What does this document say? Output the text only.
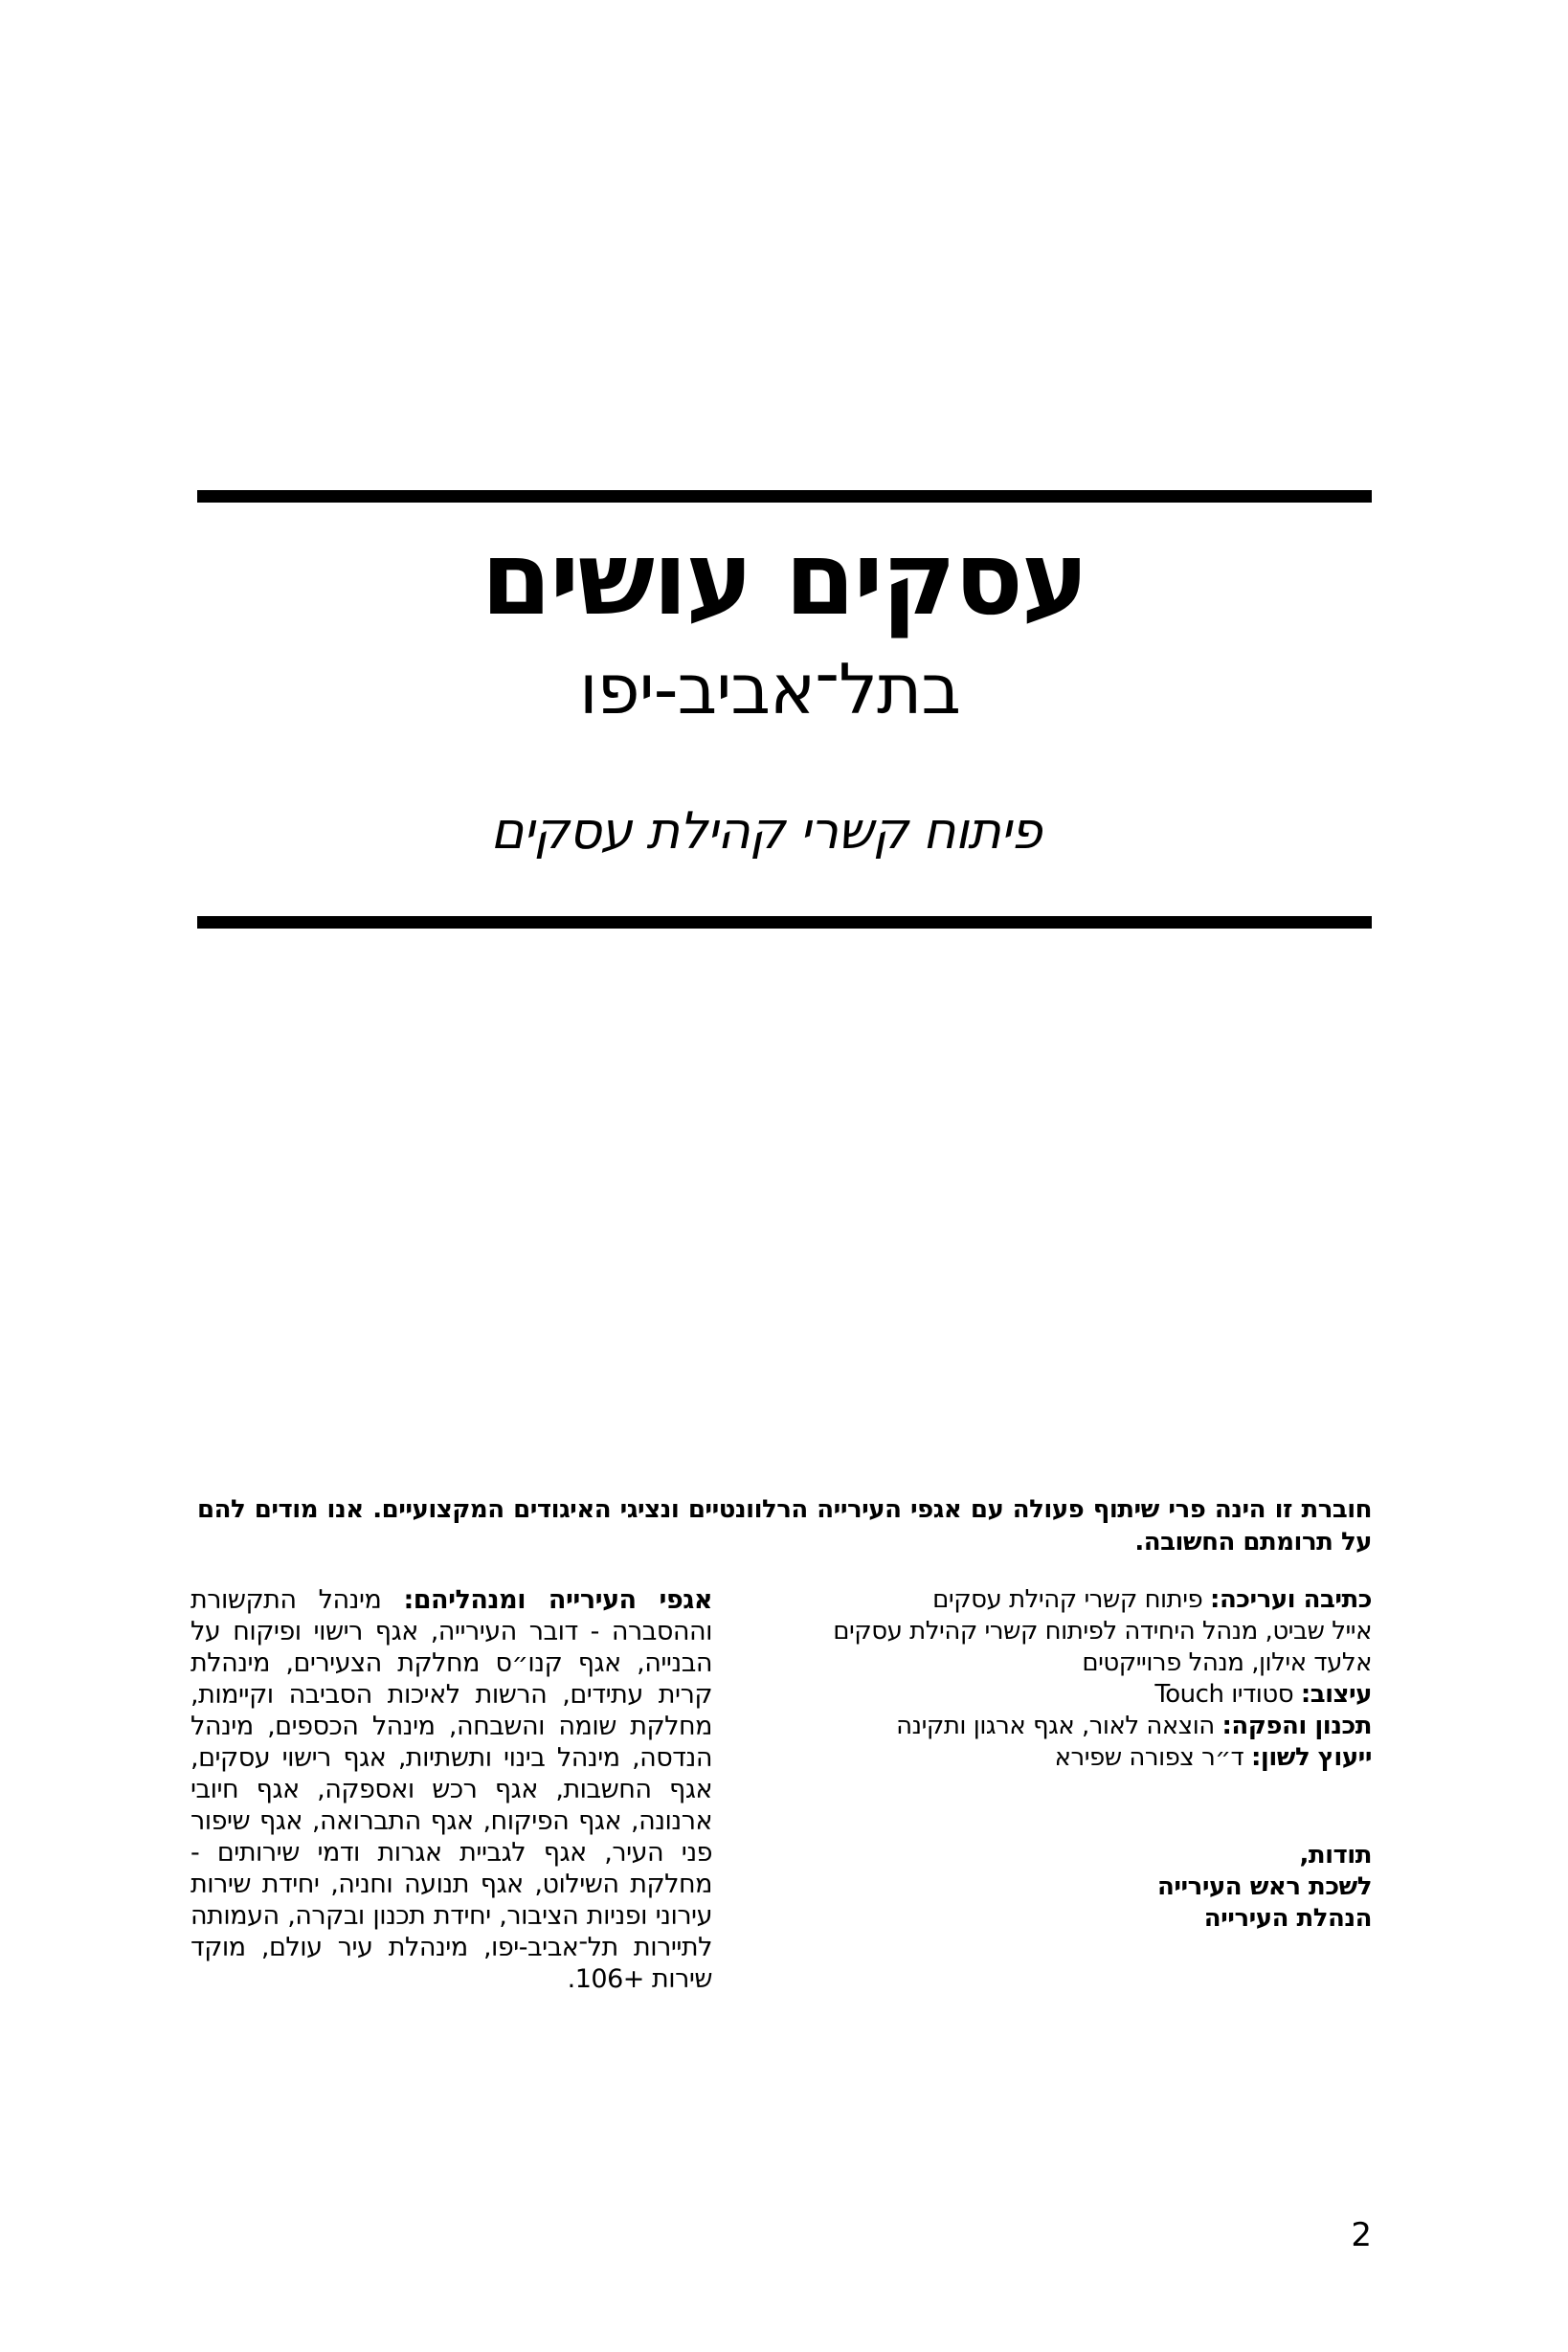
עסקים עושים
בתל־אביב-יפו
פיתוח קשרי קהילת עסקים

חוברת זו הינה פרי שיתוף פעולה עם אגפי העירייה הרלוונטיים ונציגי האיגודים המקצועיים. אנו מודים להם על תרומתם החשובה.

כתיבה ועריכה: פיתוח קשרי קהילת עסקים
אייל שביט, מנהל היחידה לפיתוח קשרי קהילת עסקים
אלעד אילון, מנהל פרוייקטים
עיצוב: סטודיו Touch
תכנון והפקה: הוצאה לאור, אגף ארגון ותקינה
ייעוץ לשון: ד״ר צפורה שפירא
תודות,
לשכת ראש העירייה
הנהלת העירייה

אגפי העירייה ומנהליהם: מינהל התקשורת וההסברה - דובר העירייה, אגף רישוי ופיקוח על הבנייה, אגף קנו״ס מחלקת הצעירים, מינהלת קרית עתידים, הרשות לאיכות הסביבה וקיימות, מחלקת שומה והשבחה, מינהל הכספים, מינהל הנדסה, מינהל בינוי ותשתיות, אגף רישוי עסקים, אגף החשבות, אגף רכש ואספקה, אגף חיובי ארנונה, אגף הפיקוח, אגף התברואה, אגף שיפור פני העיר, אגף לגביית אגרות ודמי שירותים - מחלקת השילוט, אגף תנועה וחניה, יחידת שירות עירוני ופניות הציבור, יחידת תכנון ובקרה, העמותה לתיירות תל־אביב-יפו, מינהלת עיר עולם, מוקד שירות +106.

2
